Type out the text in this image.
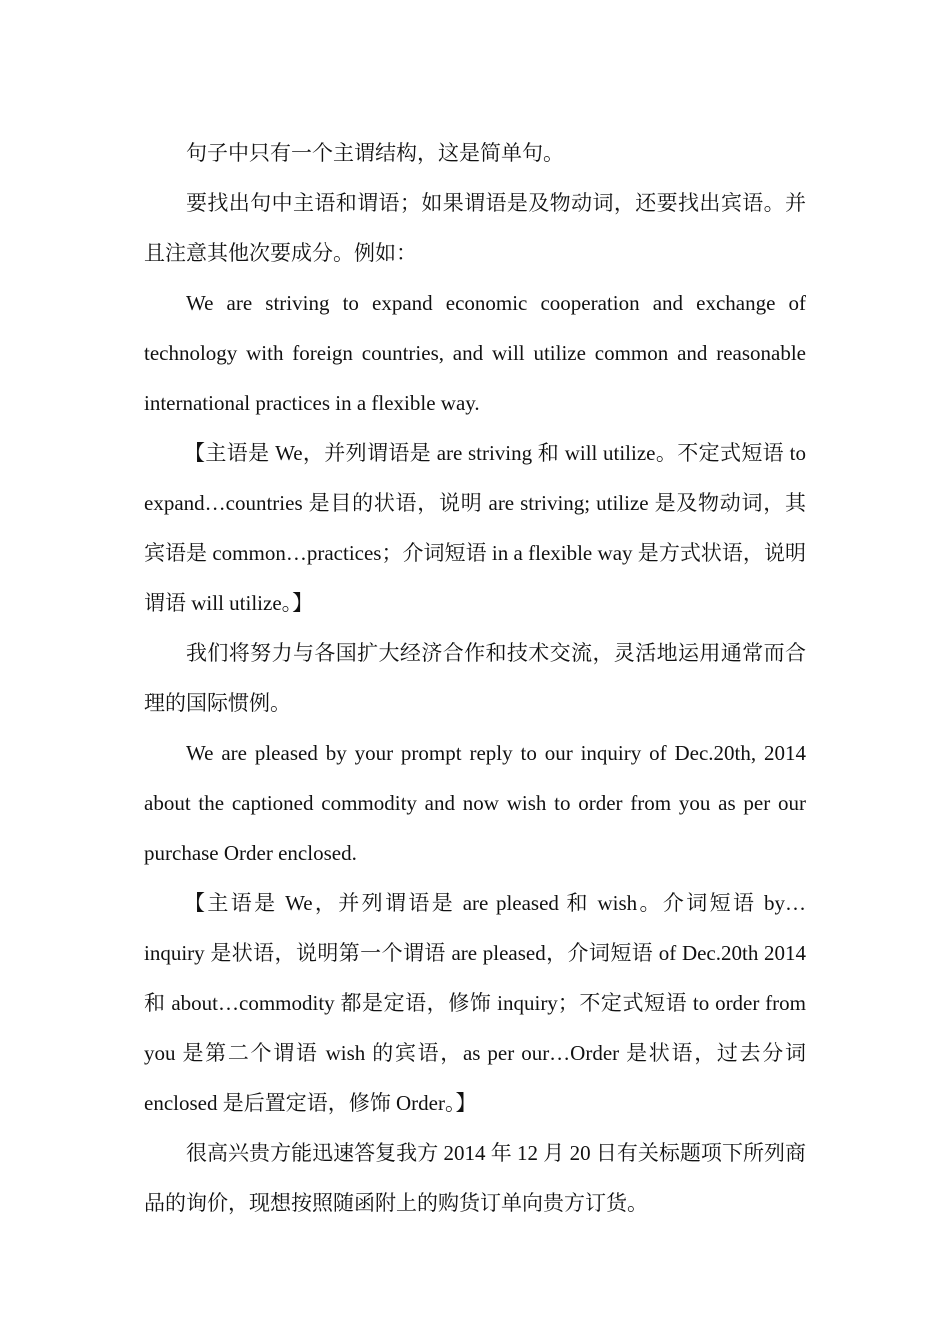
句子中只有一个主谓结构，这是简单句。

要找出句中主语和谓语；如果谓语是及物动词，还要找出宾语。并且注意其他次要成分。例如：

We are striving to expand economic cooperation and exchange of technology with foreign countries, and will utilize common and reasonable international practices in a flexible way.

【主语是 We，并列谓语是 are striving 和 will utilize。不定式短语 to expand…countries 是目的状语，说明 are striving; utilize 是及物动词，其宾语是 common…practices；介词短语 in a flexible way 是方式状语，说明谓语 will utilize。】

我们将努力与各国扩大经济合作和技术交流，灵活地运用通常而合理的国际惯例。

We are pleased by your prompt reply to our inquiry of Dec.20th, 2014 about the captioned commodity and now wish to order from you as per our purchase Order enclosed.

【主语是 We，并列谓语是 are pleased 和 wish。介词短语 by…inquiry 是状语，说明第一个谓语 are pleased，介词短语 of Dec.20th 2014 和 about…commodity 都是定语，修饰 inquiry；不定式短语 to order from you 是第二个谓语 wish 的宾语，as per our…Order 是状语，过去分词 enclosed 是后置定语，修饰 Order。】

很高兴贵方能迅速答复我方 2014 年 12 月 20 日有关标题项下所列商品的询价，现想按照随函附上的购货订单向贵方订货。
